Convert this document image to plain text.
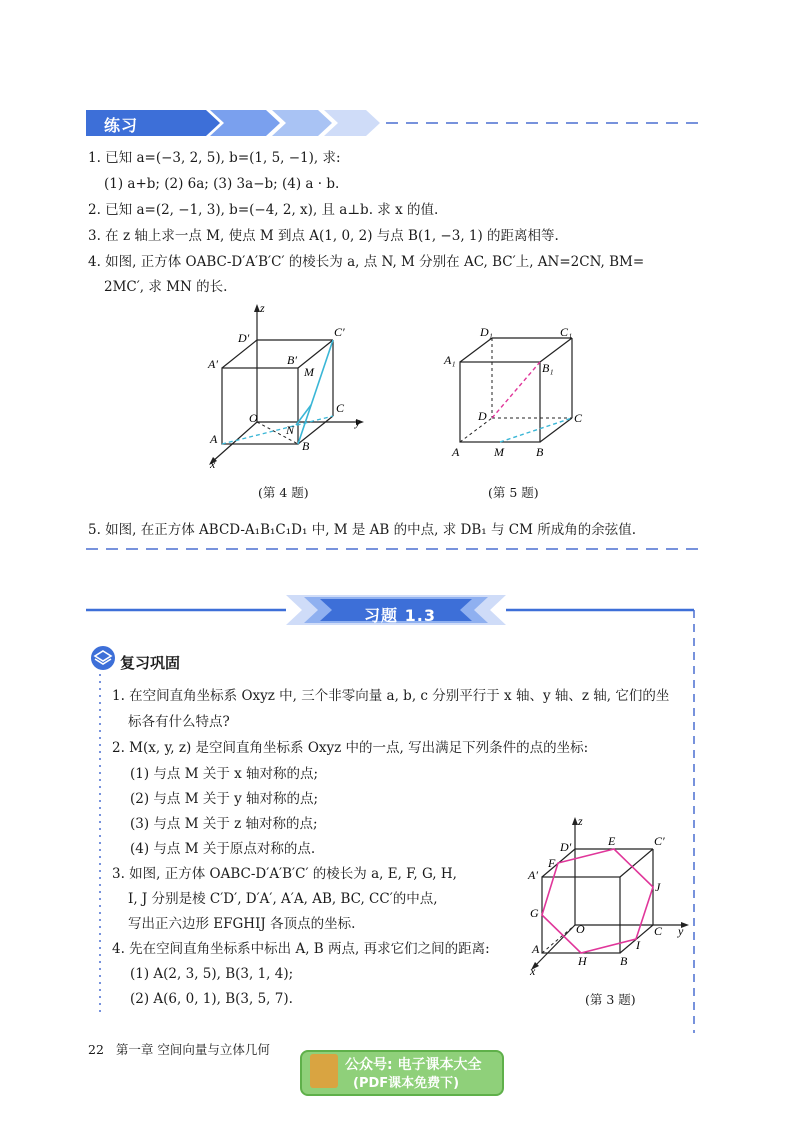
练习
1. 已知 a=(−3, 2, 5), b=(1, 5, −1), 求:
(1) a+b; (2) 6a; (3) 3a−b; (4) a · b.
2. 已知 a=(2, −1, 3), b=(−4, 2, x), 且 a⊥b. 求 x 的值.
3. 在 z 轴上求一点 M, 使点 M 到点 A(1, 0, 2) 与点 B(1, −3, 1) 的距离相等.
4. 如图, 正方体 OABC-D′A′B′C′ 的棱长为 a, 点 N, M 分别在 AC, BC′上, AN=2CN, BM=
2MC′, 求 MN 的长.
z
D′	C′
A′	B′
M
O
C
y
A
N
B
x
(第 4 题)
D₁	C₁
A₁
B₁
D	C
A	M	B
(第 5 题)
5. 如图, 在正方体 ABCD-A₁B₁C₁D₁ 中, M 是 AB 的中点, 求 DB₁ 与 CM 所成角的余弦值.
习题 1.3
复习巩固
1. 在空间直角坐标系 Oxyz 中, 三个非零向量 a, b, c 分别平行于 x 轴、y 轴、z 轴, 它们的坐
标各有什么特点?
2. M(x, y, z) 是空间直角坐标系 Oxyz 中的一点, 写出满足下列条件的点的坐标:
(1) 与点 M 关于 x 轴对称的点;
(2) 与点 M 关于 y 轴对称的点;
(3) 与点 M 关于 z 轴对称的点;
(4) 与点 M 关于原点对称的点.
3. 如图, 正方体 OABC-D′A′B′C′ 的棱长为 a, E, F, G, H,
I, J 分别是棱 C′D′, D′A′, A′A, AB, BC, CC′的中点,
写出正六边形 EFGHIJ 各顶点的坐标.
4. 先在空间直角坐标系中标出 A, B 两点, 再求它们之间的距离:
(1) A(2, 3, 5), B(3, 1, 4);
(2) A(6, 0, 1), B(3, 5, 7).
z
D′	E	C′
F
A′
J
G
O	C y
A
H	B
I
x
(第 3 题)
22 第一章 空间向量与立体几何
公众号: 电子课本大全
(PDF课本免费下)
